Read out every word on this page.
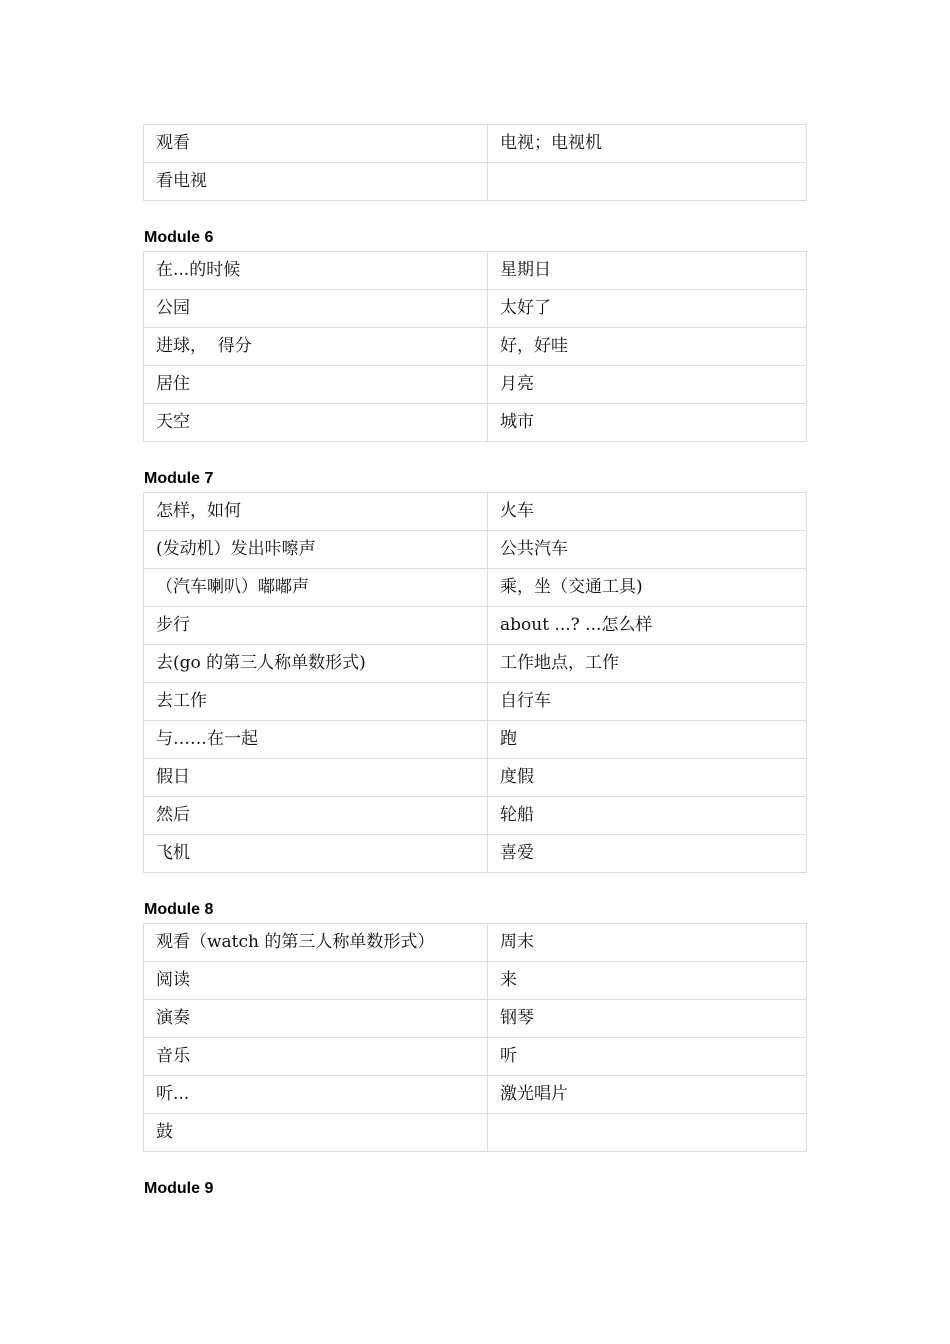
观看	电视；电视机
看电视	
Module 6
在...的时候	星期日
公园	太好了
进球，  得分	好，好哇
居住	月亮
天空	城市
Module 7
怎样，如何	火车
(发动机）发出咔嚓声	公共汽车
（汽车喇叭）嘟嘟声	乘，坐（交通工具)
步行	about ...? ...怎么样
去(go 的第三人称单数形式)	工作地点，工作
去工作	自行车
与……在一起	跑
假日	度假
然后	轮船
飞机	喜爱
Module 8
观看（watch 的第三人称单数形式）	周末
阅读	来
演奏	钢琴
音乐	听
听...	激光唱片
鼓	
Module 9
